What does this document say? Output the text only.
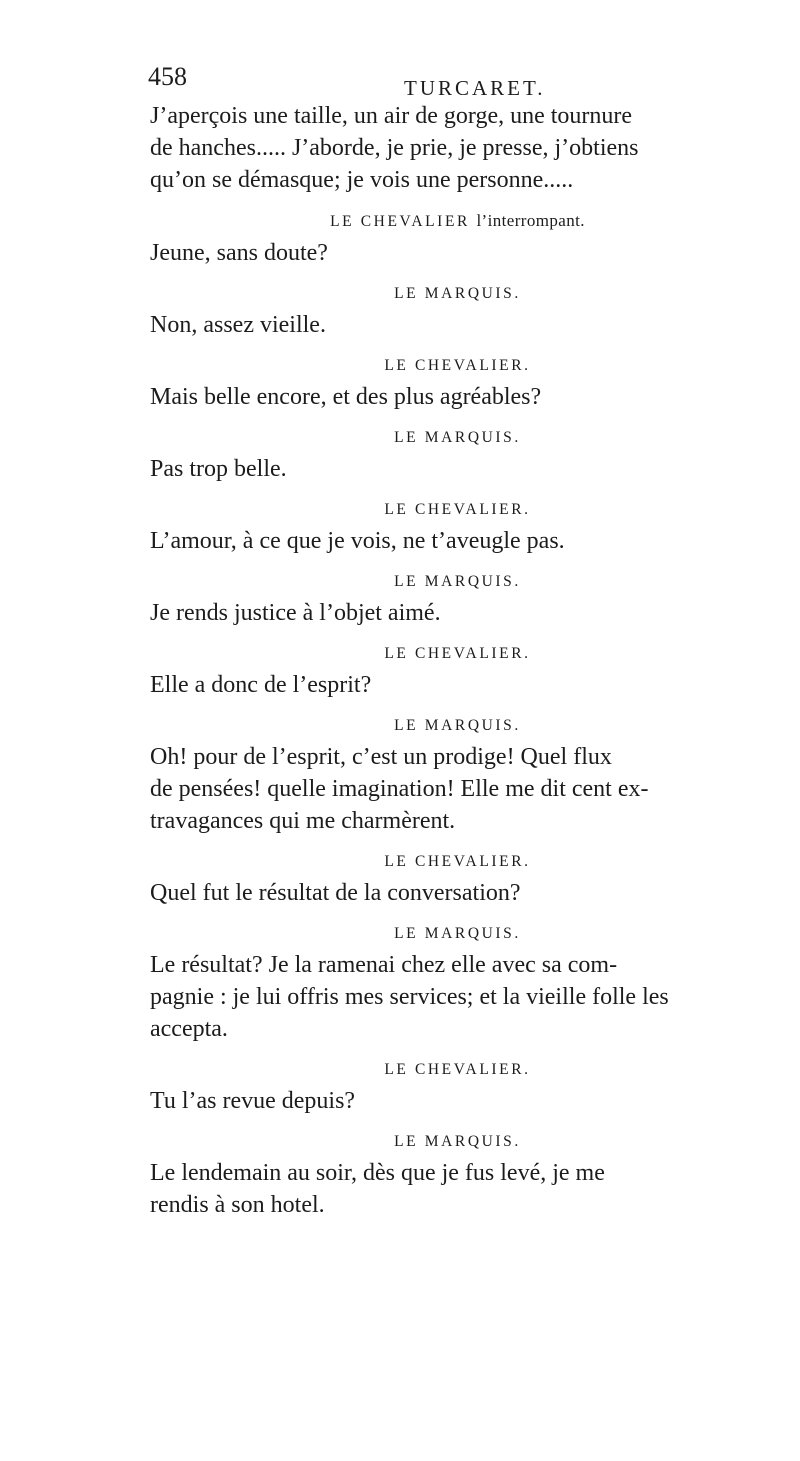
458	TURCARET.

J’aperçois une taille, un air de gorge, une tournure

de hanches..... J’aborde, je prie, je presse, j’obtiens

qu’on se démasque; je vois une personne.....

LE CHEVALIER l’interrompant.

Jeune, sans doute?

LE MARQUIS.

Non, assez vieille.

LE CHEVALIER.

Mais belle encore, et des plus agréables?

LE MARQUIS.

Pas trop belle.

LE CHEVALIER.

L’amour, à ce que je vois, ne t’aveugle pas.

LE MARQUIS.

Je rends justice à l’objet aimé.

LE CHEVALIER.

Elle a donc de l’esprit?

LE MARQUIS.

Oh! pour de l’esprit, c’est un prodige! Quel flux

de pensées! quelle imagination! Elle me dit cent ex-

travagances qui me charmèrent.

LE CHEVALIER.

Quel fut le résultat de la conversation?

LE MARQUIS.

Le résultat? Je la ramenai chez elle avec sa com-

pagnie : je lui offris mes services; et la vieille folle les

accepta.

LE CHEVALIER.

Tu l’as revue depuis?

LE MARQUIS.

Le lendemain au soir, dès que je fus levé, je me

rendis à son hotel.
